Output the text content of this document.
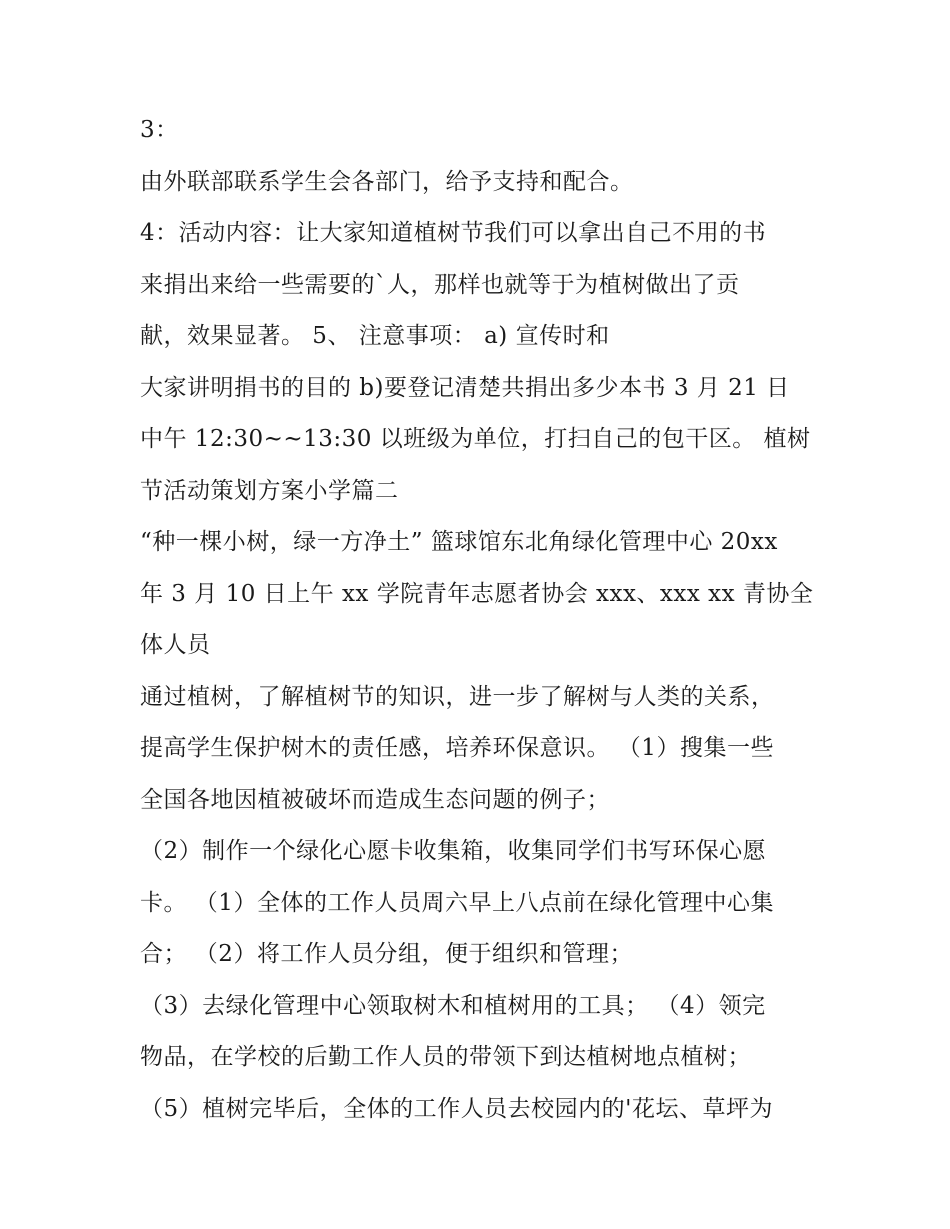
3：
由外联部联系学生会各部门，给予支持和配合。
4：活动内容：让大家知道植树节我们可以拿出自己不用的书
来捐出来给一些需要的`人，那样也就等于为植树做出了贡
献，效果显著。 5、 注意事项： a) 宣传时和
大家讲明捐书的目的 b)要登记清楚共捐出多少本书 3 月 21 日
中午 12:30~~13:30 以班级为单位，打扫自己的包干区。 植树
节活动策划方案小学篇二
“种一棵小树，绿一方净土” 篮球馆东北角绿化管理中心 20xx
年 3 月 10 日上午 xx 学院青年志愿者协会 xxx、xxx xx 青协全
体人员
通过植树，了解植树节的知识，进一步了解树与人类的关系，
提高学生保护树木的责任感，培养环保意识。 （1）搜集一些
全国各地因植被破坏而造成生态问题的例子；
（2）制作一个绿化心愿卡收集箱，收集同学们书写环保心愿
卡。 （1）全体的工作人员周六早上八点前在绿化管理中心集
合； （2）将工作人员分组，便于组织和管理；
（3）去绿化管理中心领取树木和植树用的工具； （4）领完
物品，在学校的后勤工作人员的带领下到达植树地点植树；
（5）植树完毕后，全体的工作人员去校园内的'花坛、草坪为
